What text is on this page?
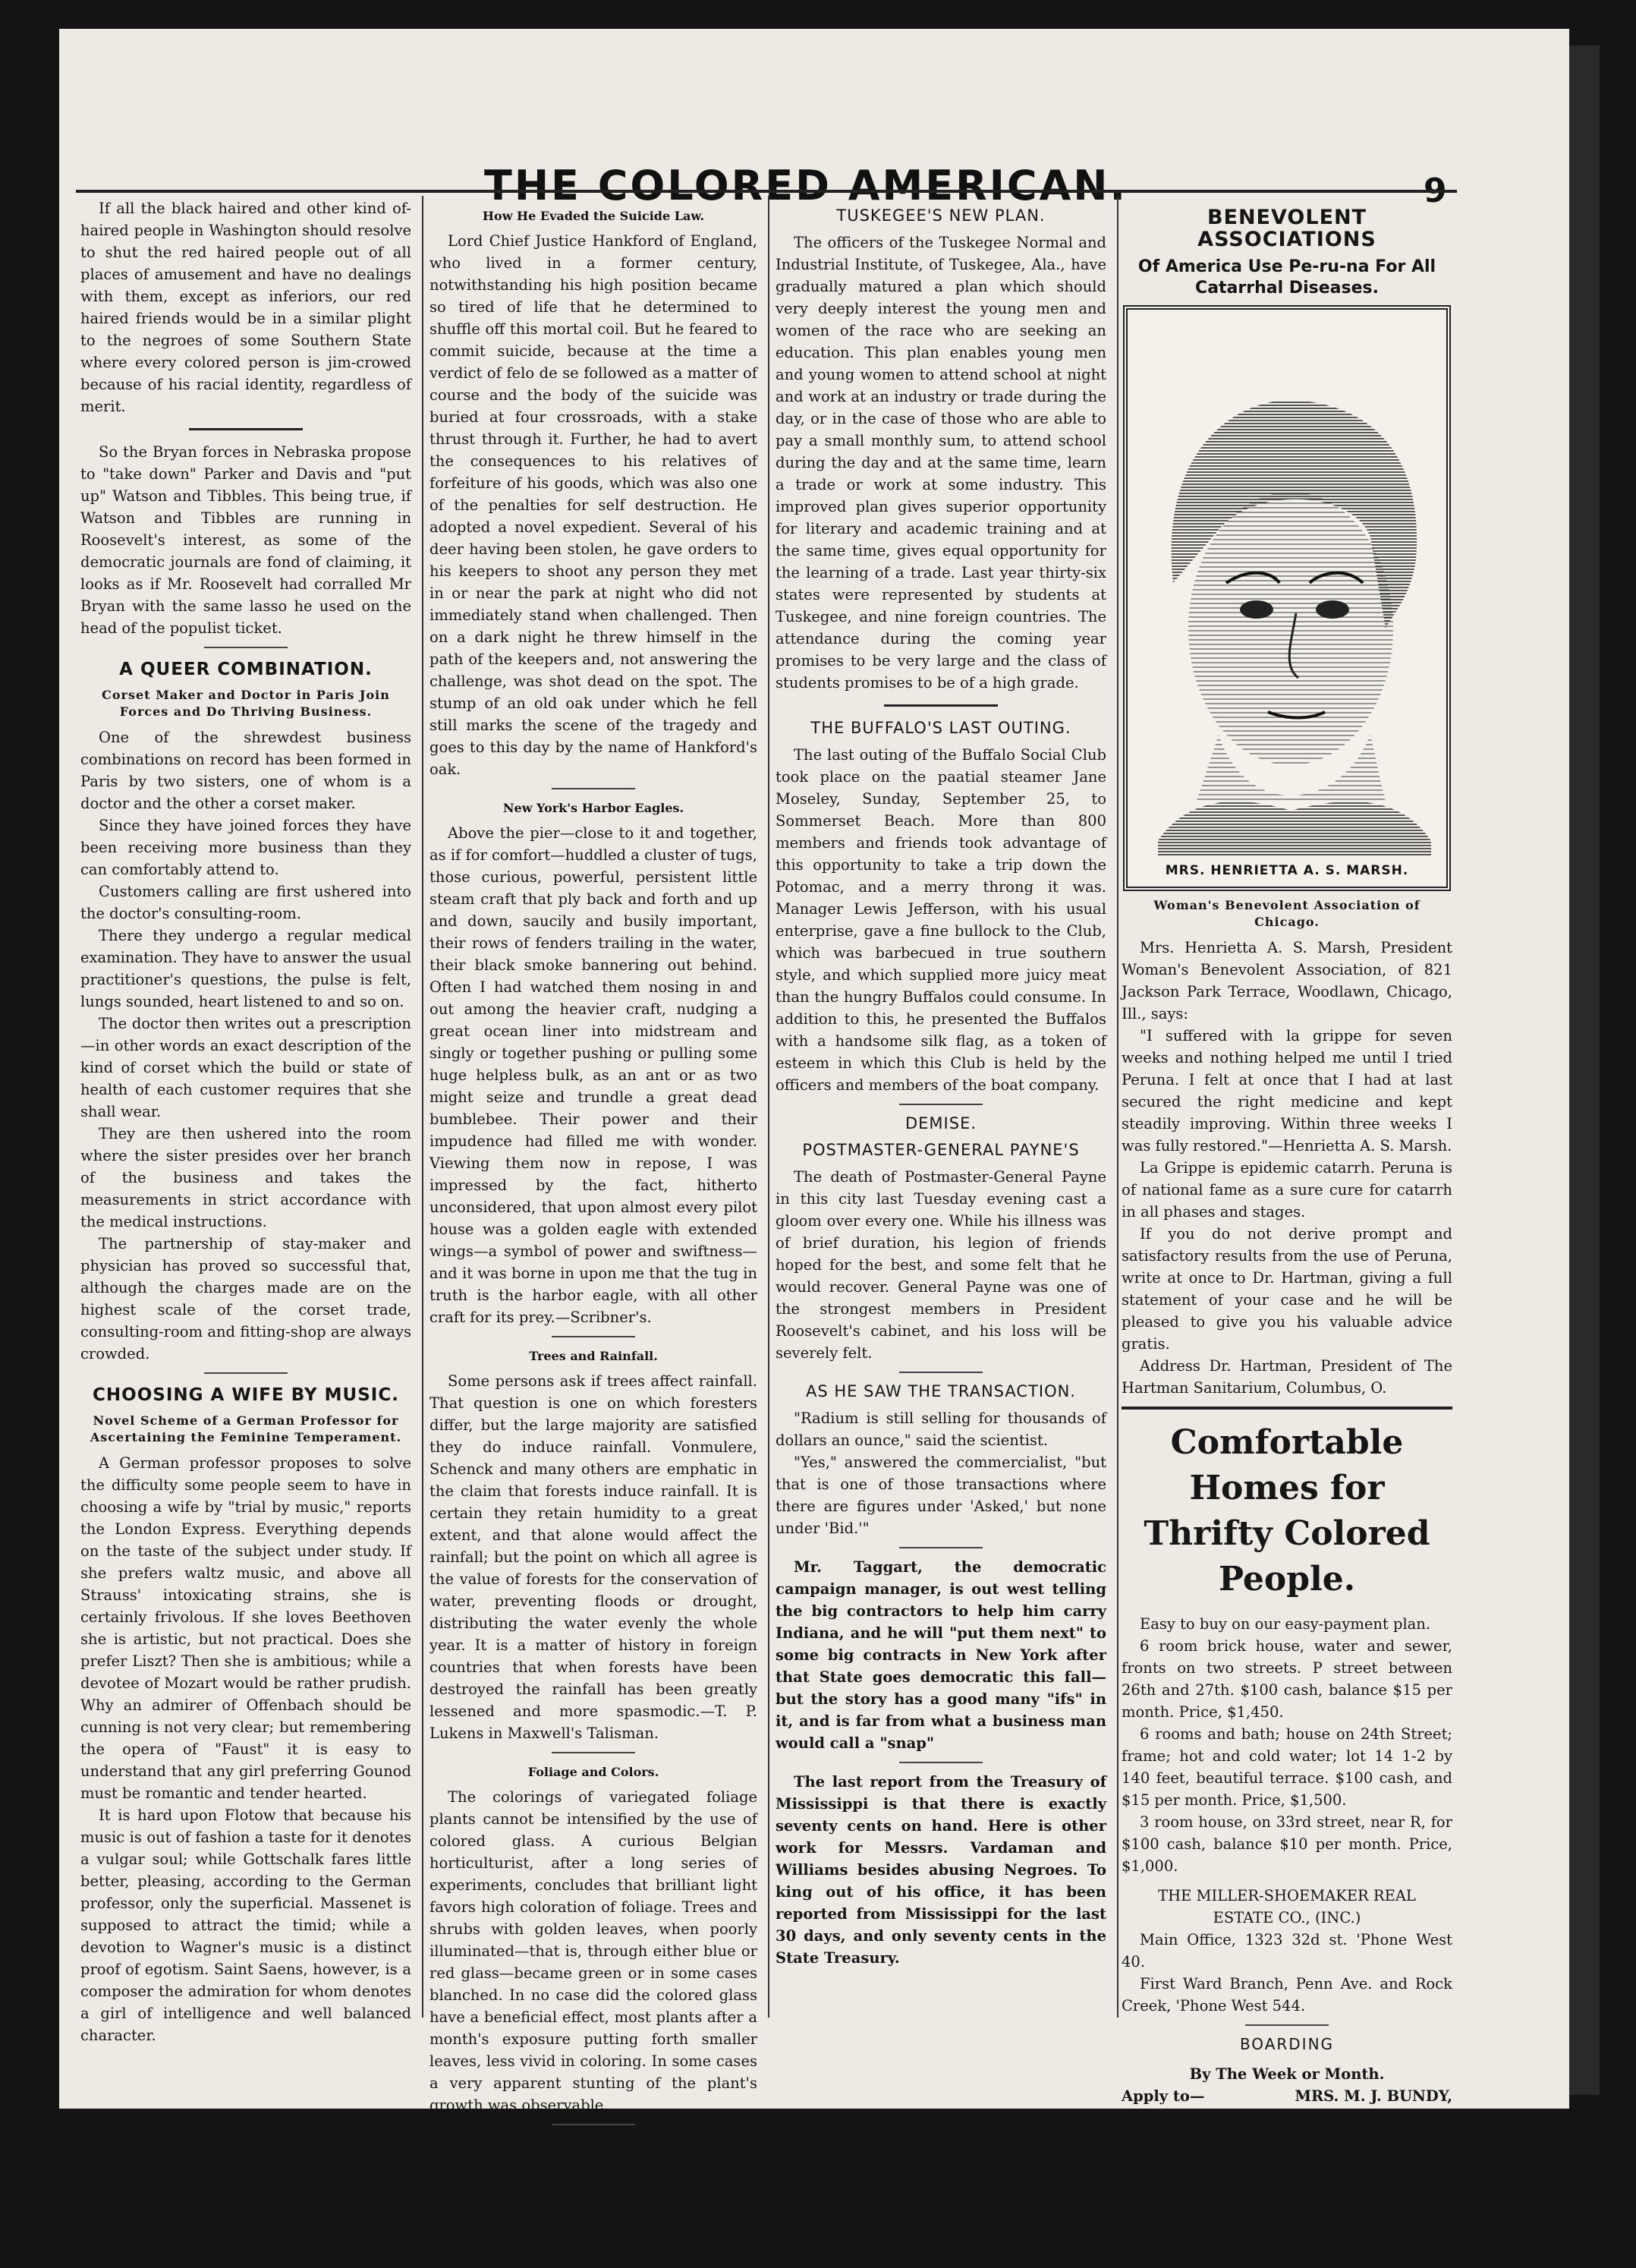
THE COLORED AMERICAN.	9

If all the black haired and other kind of-haired people in Washington should resolve to shut the red haired people out of all places of amusement and have no dealings with them, except as inferiors, our red haired friends would be in a similar plight to the negroes of some Southern State where every colored person is jim-crowed because of his racial identity, regardless of merit.

So the Bryan forces in Nebraska propose to "take down" Parker and Davis and "put up" Watson and Tibbles. This being true, if Watson and Tibbles are running in Roosevelt's interest, as some of the democratic journals are fond of claiming, it looks as if Mr. Roosevelt had corralled Mr Bryan with the same lasso he used on the head of the populist ticket.

A QUEER COMBINATION.
Corset Maker and Doctor in Paris Join Forces and Do Thriving Business.

One of the shrewdest business combinations on record has been formed in Paris by two sisters, one of whom is a doctor and the other a corset maker.

Since they have joined forces they have been receiving more business than they can comfortably attend to.

Customers calling are first ushered into the doctor's consulting-room.

There they undergo a regular medical examination. They have to answer the usual practitioner's questions, the pulse is felt, lungs sounded, heart listened to and so on.

The doctor then writes out a prescription—in other words an exact description of the kind of corset which the build or state of health of each customer requires that she shall wear.

They are then ushered into the room where the sister presides over her branch of the business and takes the measurements in strict accordance with the medical instructions.

The partnership of stay-maker and physician has proved so successful that, although the charges made are on the highest scale of the corset trade, consulting-room and fitting-shop are always crowded.

CHOOSING A WIFE BY MUSIC.
Novel Scheme of a German Professor for Ascertaining the Feminine Temperament.

A German professor proposes to solve the difficulty some people seem to have in choosing a wife by "trial by music," reports the London Express. Everything depends on the taste of the subject under study. If she prefers waltz music, and above all Strauss' intoxicating strains, she is certainly frivolous. If she loves Beethoven she is artistic, but not practical. Does she prefer Liszt? Then she is ambitious; while a devotee of Mozart would be rather prudish. Why an admirer of Offenbach should be cunning is not very clear; but remembering the opera of "Faust" it is easy to understand that any girl preferring Gounod must be romantic and tender hearted.

It is hard upon Flotow that because his music is out of fashion a taste for it denotes a vulgar soul; while Gottschalk fares little better, pleasing, according to the German professor, only the superficial. Massenet is supposed to attract the timid; while a devotion to Wagner's music is a distinct proof of egotism. Saint Saens, however, is a composer the admiration for whom denotes a girl of intelligence and well balanced character.

How He Evaded the Suicide Law.

Lord Chief Justice Hankford of England, who lived in a former century, notwithstanding his high position became so tired of life that he determined to shuffle off this mortal coil. But he feared to commit suicide, because at the time a verdict of felo de se followed as a matter of course and the body of the suicide was buried at four crossroads, with a stake thrust through it. Further, he had to avert the consequences to his relatives of forfeiture of his goods, which was also one of the penalties for self destruction. He adopted a novel expedient. Several of his deer having been stolen, he gave orders to his keepers to shoot any person they met in or near the park at night who did not immediately stand when challenged. Then on a dark night he threw himself in the path of the keepers and, not answering the challenge, was shot dead on the spot. The stump of an old oak under which he fell still marks the scene of the tragedy and goes to this day by the name of Hankford's oak.

New York's Harbor Eagles.

Above the pier—close to it and together, as if for comfort—huddled a cluster of tugs, those curious, powerful, persistent little steam craft that ply back and forth and up and down, saucily and busily important, their rows of fenders trailing in the water, their black smoke bannering out behind. Often I had watched them nosing in and out among the heavier craft, nudging a great ocean liner into midstream and singly or together pushing or pulling some huge helpless bulk, as an ant or as two might seize and trundle a great dead bumblebee. Their power and their impudence had filled me with wonder. Viewing them now in repose, I was impressed by the fact, hitherto unconsidered, that upon almost every pilot house was a golden eagle with extended wings—a symbol of power and swiftness—and it was borne in upon me that the tug in truth is the harbor eagle, with all other craft for its prey.—Scribner's.

Trees and Rainfall.

Some persons ask if trees affect rainfall. That question is one on which foresters differ, but the large majority are satisfied they do induce rainfall. Vonmulere, Schenck and many others are emphatic in the claim that forests induce rainfall. It is certain they retain humidity to a great extent, and that alone would affect the rainfall; but the point on which all agree is the value of forests for the conservation of water, preventing floods or drought, distributing the water evenly the whole year. It is a matter of history in foreign countries that when forests have been destroyed the rainfall has been greatly lessened and more spasmodic.—T. P. Lukens in Maxwell's Talisman.

Foliage and Colors.

The colorings of variegated foliage plants cannot be intensified by the use of colored glass. A curious Belgian horticulturist, after a long series of experiments, concludes that brilliant light favors high coloration of foliage. Trees and shrubs with golden leaves, when poorly illuminated—that is, through either blue or red glass—became green or in some cases blanched. In no case did the colored glass have a beneficial effect, most plants after a month's exposure putting forth smaller leaves, less vivid in coloring. In some cases a very apparent stunting of the plant's growth was observable.

Why Popcorn Pops.

Why does popcorn pop? The department of agriculture answers the question, which was propounded to it by a small boy. Popcorn pops by reason of the volatilization of the oil contained

TUSKEGEE'S NEW PLAN.

The officers of the Tuskegee Normal and Industrial Institute, of Tuskegee, Ala., have gradually matured a plan which should very deeply interest the young men and women of the race who are seeking an education. This plan enables young men and young women to attend school at night and work at an industry or trade during the day, or in the case of those who are able to pay a small monthly sum, to attend school during the day and at the same time, learn a trade or work at some industry. This improved plan gives superior opportunity for literary and academic training and at the same time, gives equal opportunity for the learning of a trade. Last year thirty-six states were represented by students at Tuskegee, and nine foreign countries. The attendance during the coming year promises to be very large and the class of students promises to be of a high grade.

THE BUFFALO'S LAST OUTING.

The last outing of the Buffalo Social Club took place on the paatial steamer Jane Moseley, Sunday, September 25, to Sommerset Beach. More than 800 members and friends took advantage of this opportunity to take a trip down the Potomac, and a merry throng it was. Manager Lewis Jefferson, with his usual enterprise, gave a fine bullock to the Club, which was barbecued in true southern style, and which supplied more juicy meat than the hungry Buffalos could consume. In addition to this, he presented the Buffalos with a handsome silk flag, as a token of esteem in which this Club is held by the officers and members of the boat company.

DEMISE.
POSTMASTER-GENERAL PAYNE'S

The death of Postmaster-General Payne in this city last Tuesday evening cast a gloom over every one. While his illness was of brief duration, his legion of friends hoped for the best, and some felt that he would recover. General Payne was one of the strongest members in President Roosevelt's cabinet, and his loss will be severely felt.

AS HE SAW THE TRANSACTION.

"Radium is still selling for thousands of dollars an ounce," said the scientist.

"Yes," answered the commercialist, "but that is one of those transactions where there are figures under 'Asked,' but none under 'Bid.'"

Mr. Taggart, the democratic campaign manager, is out west telling the big contractors to help him carry Indiana, and he will "put them next" to some big contracts in New York after that State goes democratic this fall—but the story has a good many "ifs" in it, and is far from what a business man would call a "snap"

The last report from the Treasury of Mississippi is that there is exactly seventy cents on hand. Here is other work for Messrs. Vardaman and Williams besides abusing Negroes. To king out of his office, it has been reported from Mississippi for the last 30 days, and only seventy cents in the State Treasury.

BENEVOLENT ASSOCIATIONS
Of America Use Pe-ru-na For All Catarrhal Diseases.
MRS. HENRIETTA A. S. MARSH.
Woman's Benevolent Association of Chicago.

Mrs. Henrietta A. S. Marsh, President Woman's Benevolent Association, of 821 Jackson Park Terrace, Woodlawn, Chicago, Ill., says:

"I suffered with la grippe for seven weeks and nothing helped me until I tried Peruna. I felt at once that I had at last secured the right medicine and kept steadily improving. Within three weeks I was fully restored."—Henrietta A. S. Marsh.

La Grippe is epidemic catarrh. Peruna is of national fame as a sure cure for catarrh in all phases and stages.

If you do not derive prompt and satisfactory results from the use of Peruna, write at once to Dr. Hartman, giving a full statement of your case and he will be pleased to give you his valuable advice gratis.

Address Dr. Hartman, President of The Hartman Sanitarium, Columbus, O.

Comfortable Homes for Thrifty Colored People.

Easy to buy on our easy-payment plan.

6 room brick house, water and sewer, fronts on two streets. P street between 26th and 27th. $100 cash, balance $15 per month. Price, $1,450.

6 rooms and bath; house on 24th Street; frame; hot and cold water; lot 14 1-2 by 140 feet, beautiful terrace. $100 cash, and $15 per month. Price, $1,500.

3 room house, on 33rd street, near R, for $100 cash, balance $10 per month. Price, $1,000.

THE MILLER-SHOEMAKER REAL
ESTATE CO., (INC.)

Main Office, 1323 32d st. 'Phone West 40.

First Ward Branch, Penn Ave. and Rock Creek, 'Phone West 544.

BOARDING
By The Week or Month.
Apply to—	MRS. M. J. BUNDY,
941 T St., N. W.
